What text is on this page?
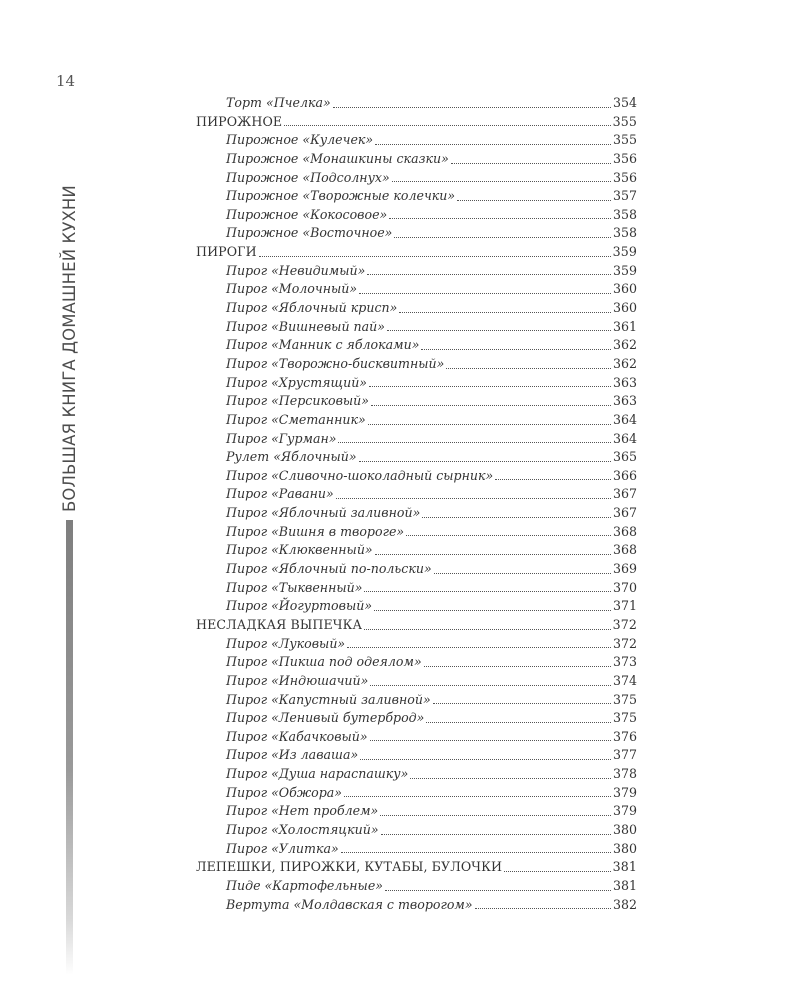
14
БОЛЬШАЯ КНИГА ДОМАШНЕЙ КУХНИ
Торт «Пчелка»	354
ПИРОЖНОЕ	355
Пирожное «Кулечек»	355
Пирожное «Монашкины сказки»	356
Пирожное «Подсолнух»	356
Пирожное «Творожные колечки»	357
Пирожное «Кокосовое»	358
Пирожное «Восточное»	358
ПИРОГИ	359
Пирог «Невидимый»	359
Пирог «Молочный»	360
Пирог «Яблочный крисп»	360
Пирог «Вишневый пай»	361
Пирог «Манник с яблоками»	362
Пирог «Творожно-бисквитный»	362
Пирог «Хрустящий»	363
Пирог «Персиковый»	363
Пирог «Сметанник»	364
Пирог «Гурман»	364
Рулет «Яблочный»	365
Пирог «Сливочно-шоколадный сырник»	366
Пирог «Равани»	367
Пирог «Яблочный заливной»	367
Пирог «Вишня в твороге»	368
Пирог «Клюквенный»	368
Пирог «Яблочный по-польски»	369
Пирог «Тыквенный»	370
Пирог «Йогуртовый»	371
НЕСЛАДКАЯ ВЫПЕЧКА	372
Пирог «Луковый»	372
Пирог «Пикша под одеялом»	373
Пирог «Индюшачий»	374
Пирог «Капустный заливной»	375
Пирог «Ленивый бутерброд»	375
Пирог «Кабачковый»	376
Пирог «Из лаваша»	377
Пирог «Душа нараспашку»	378
Пирог «Обжора»	379
Пирог «Нет проблем»	379
Пирог «Холостяцкий»	380
Пирог «Улитка»	380
ЛЕПЕШКИ, ПИРОЖКИ, КУТАБЫ, БУЛОЧКИ	381
Пиде «Картофельные»	381
Вертута «Молдавская с творогом»	382
